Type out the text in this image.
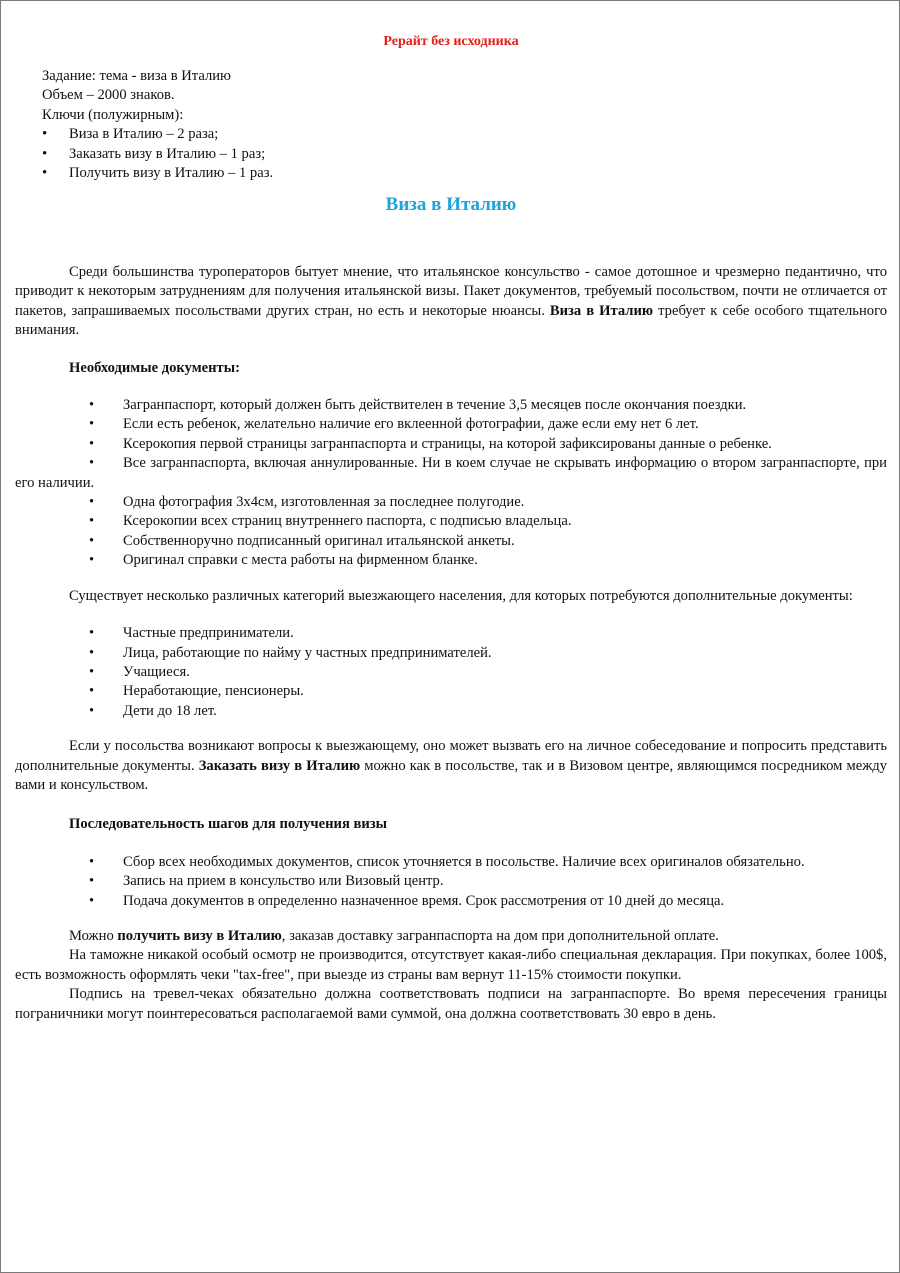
Рерайт без исходника
Задание: тема - виза в Италию
Объем – 2000 знаков.
Ключи (полужирным):
• Виза в Италию – 2 раза;
• Заказать визу в Италию – 1 раз;
• Получить визу в Италию – 1 раз.
Виза в Италию

Среди большинства туроператоров бытует мнение, что итальянское консульство - самое дотошное и чрезмерно педантично, что приводит к некоторым затруднениям для получения итальянской визы. Пакет документов, требуемый посольством, почти не отличается от пакетов, запрашиваемых посольствами других стран, но есть и некоторые нюансы. Виза в Италию требует к себе особого тщательного внимания.

Необходимые документы:

• Загранпаспорт, который должен быть действителен в течение 3,5 месяцев после окончания поездки.
• Если есть ребенок, желательно наличие его вклеенной фотографии, даже если ему нет 6 лет.
• Ксерокопия первой страницы загранпаспорта и страницы, на которой зафиксированы данные о ребенке.
• Все загранпаспорта, включая аннулированные. Ни в коем случае не скрывать информацию о втором загранпаспорте, при его наличии.
• Одна фотография 3х4см, изготовленная за последнее полугодие.
• Ксерокопии всех страниц внутреннего паспорта, с подписью владельца.
• Собственноручно подписанный оригинал итальянской анкеты.
• Оригинал справки с места работы на фирменном бланке.

Существует несколько различных категорий выезжающего населения, для которых потребуются дополнительные документы:

• Частные предприниматели.
• Лица, работающие по найму у частных предпринимателей.
• Учащиеся.
• Неработающие, пенсионеры.
• Дети до 18 лет.

Если у посольства возникают вопросы к выезжающему, оно может вызвать его на личное собеседование и попросить представить дополнительные документы. Заказать визу в Италию можно как в посольстве, так и в Визовом центре, являющимся посредником между вами и консульством.

Последовательность шагов для получения визы

• Сбор всех необходимых документов, список уточняется в посольстве. Наличие всех оригиналов обязательно.
• Запись на прием в консульство или Визовый центр.
• Подача документов в определенно назначенное время. Срок рассмотрения от 10 дней до месяца.

Можно получить визу в Италию, заказав доставку загранпаспорта на дом при дополнительной оплате.

На таможне никакой особый осмотр не производится, отсутствует какая-либо специальная декларация. При покупках, более 100$, есть возможность оформлять чеки "tax-free", при выезде из страны вам вернут 11-15% стоимости покупки.

Подпись на тревел-чеках обязательно должна соответствовать подписи на загранпаспорте. Во время пересечения границы пограничники могут поинтересоваться располагаемой вами суммой, она должна соответствовать 30 евро в день.
